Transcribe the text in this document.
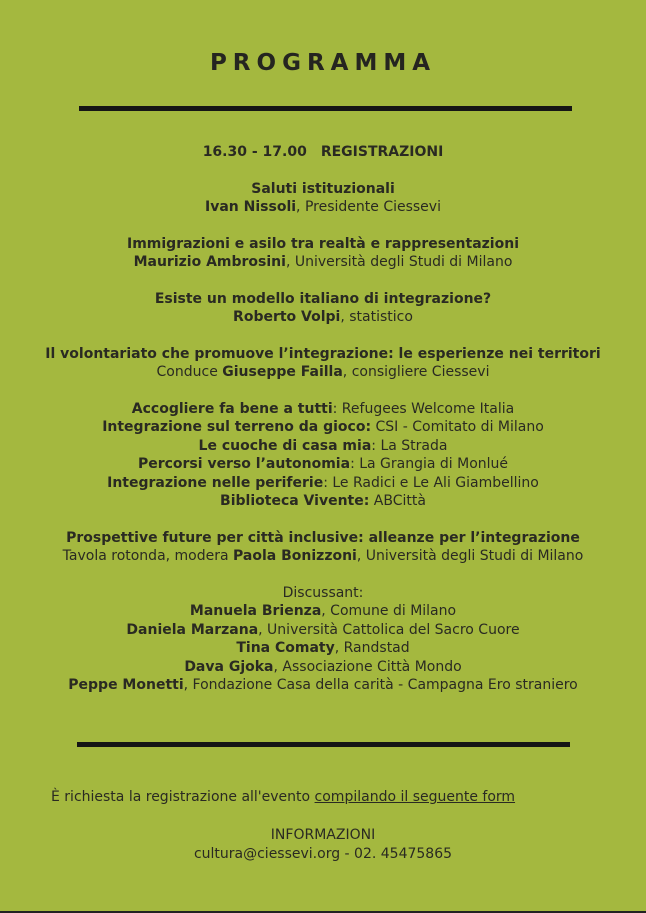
PROGRAMMA
16.30 - 17.00 REGISTRAZIONI
Saluti istituzionali
Ivan Nissoli, Presidente Ciessevi
Immigrazioni e asilo tra realtà e rappresentazioni
Maurizio Ambrosini, Università degli Studi di Milano
Esiste un modello italiano di integrazione?
Roberto Volpi, statistico
Il volontariato che promuove l’integrazione: le esperienze nei territori
Conduce Giuseppe Failla, consigliere Ciessevi
Accogliere fa bene a tutti: Refugees Welcome Italia
Integrazione sul terreno da gioco: CSI - Comitato di Milano
Le cuoche di casa mia: La Strada
Percorsi verso l’autonomia: La Grangia di Monlué
Integrazione nelle periferie: Le Radici e Le Ali Giambellino
Biblioteca Vivente: ABCittà
Prospettive future per città inclusive: alleanze per l’integrazione
Tavola rotonda, modera Paola Bonizzoni, Università degli Studi di Milano
Discussant:
Manuela Brienza, Comune di Milano
Daniela Marzana, Università Cattolica del Sacro Cuore
Tina Comaty, Randstad
Dava Gjoka, Associazione Città Mondo
Peppe Monetti, Fondazione Casa della carità - Campagna Ero straniero
È richiesta la registrazione all'evento compilando il seguente form
INFORMAZIONI
cultura@ciessevi.org - 02. 45475865
